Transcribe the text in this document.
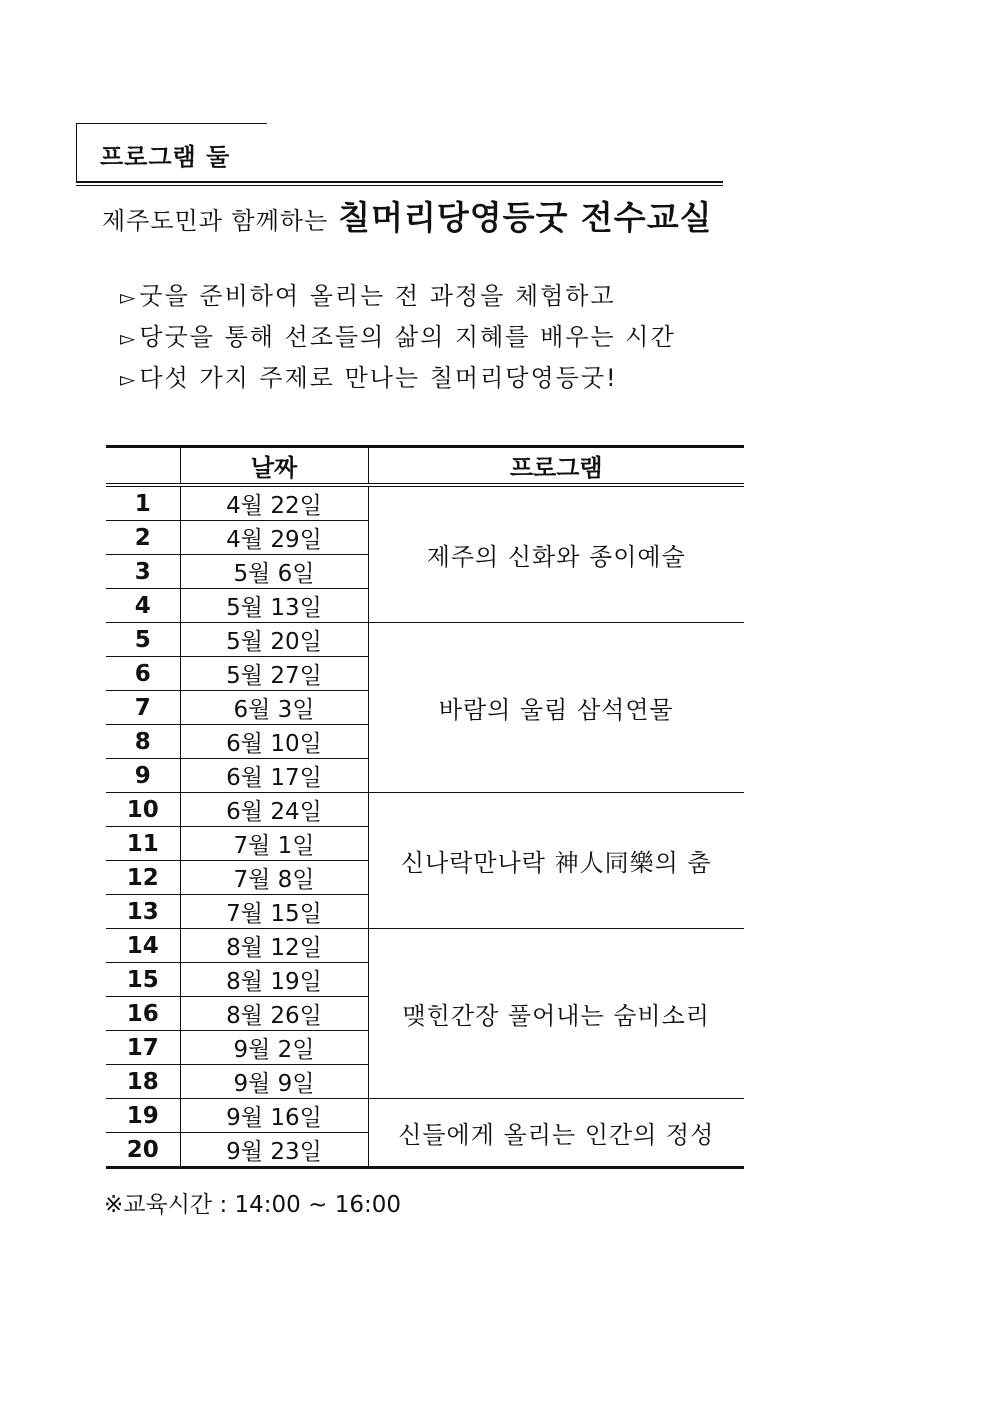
프로그램 둘
제주도민과 함께하는 칠머리당영등굿 전수교실
▻굿을 준비하여 올리는 전 과정을 체험하고
▻당굿을 통해 선조들의 삶의 지혜를 배우는 시간
▻다섯 가지 주제로 만나는 칠머리당영등굿!
	날짜	프로그램
1	4월 22일	제주의 신화와 종이예술
2	4월 29일	
3	5월 6일	
4	5월 13일	
5	5월 20일	바람의 울림 삼석연물
6	5월 27일	
7	6월 3일	
8	6월 10일	
9	6월 17일	
10	6월 24일	신나락만나락 神人同樂의 춤
11	7월 1일	
12	7월 8일	
13	7월 15일	
14	8월 12일	맺힌간장 풀어내는 숨비소리
15	8월 19일	
16	8월 26일	
17	9월 2일	
18	9월 9일	
19	9월 16일	신들에게 올리는 인간의 정성
20	9월 23일	
※교육시간 : 14:00 ~ 16:00
